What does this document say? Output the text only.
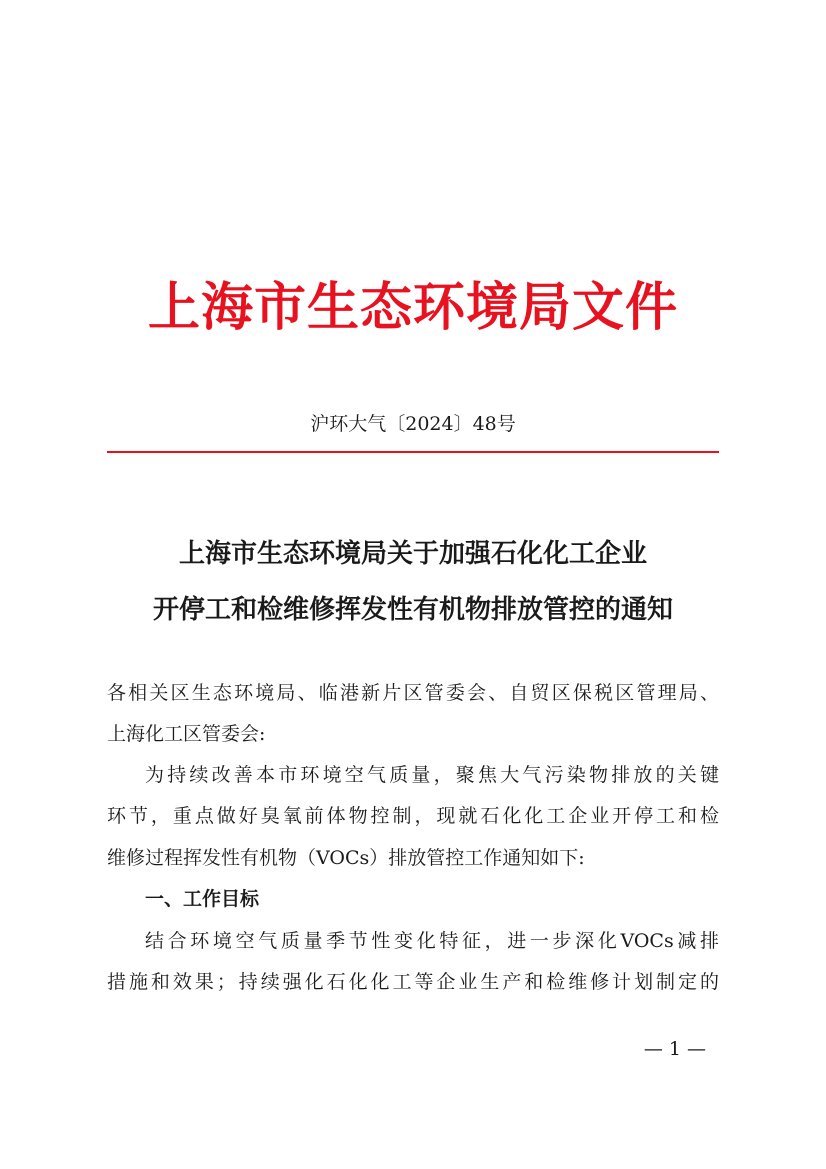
上海市生态环境局文件
沪环大气〔2024〕48号
上海市生态环境局关于加强石化化工企业
开停工和检维修挥发性有机物排放管控的通知
各相关区生态环境局、临港新片区管委会、自贸区保税区管理局、
上海化工区管委会:
为持续改善本市环境空气质量，聚焦大气污染物排放的关键
环节，重点做好臭氧前体物控制，现就石化化工企业开停工和检
维修过程挥发性有机物（VOCs）排放管控工作通知如下:
一、工作目标
结合环境空气质量季节性变化特征，进一步深化VOCs减排
措施和效果；持续强化石化化工等企业生产和检维修计划制定的
— 1 —
